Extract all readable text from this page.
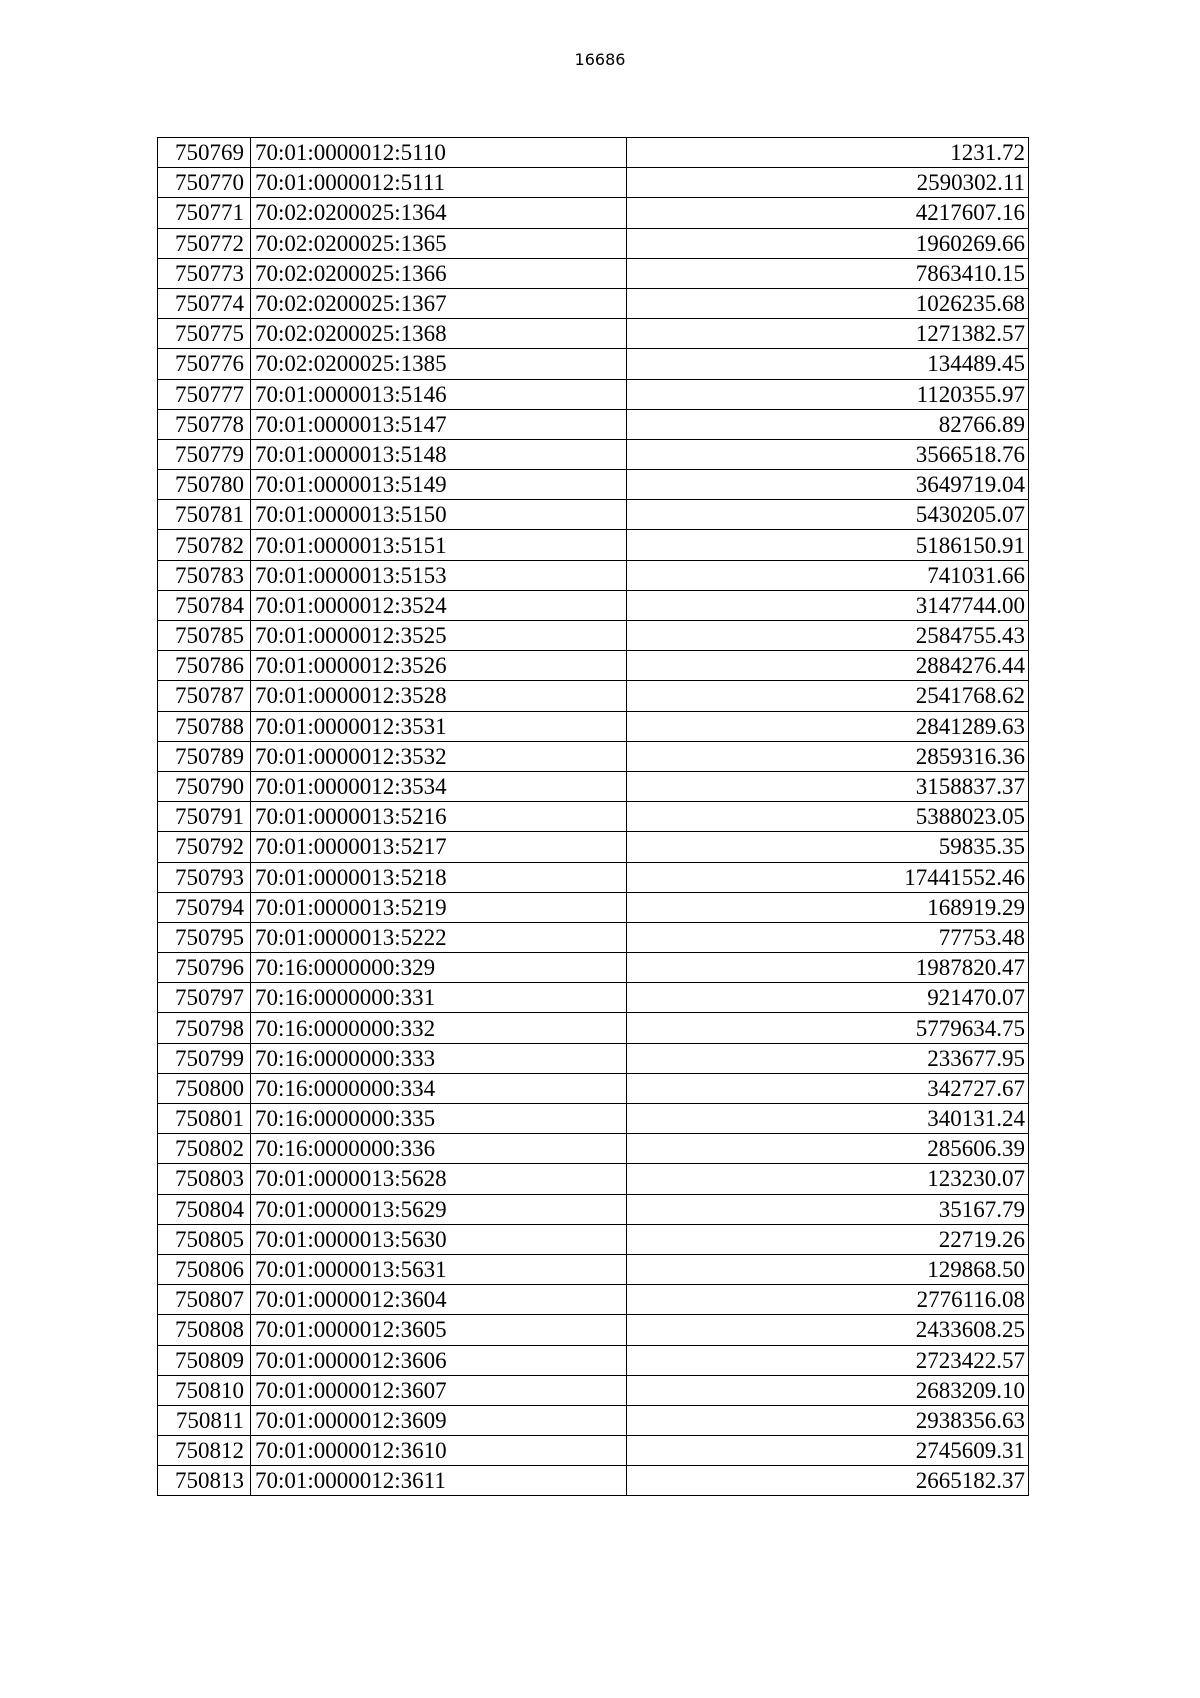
16686
750769	70:01:0000012:5110	1231.72
750770	70:01:0000012:5111	2590302.11
750771	70:02:0200025:1364	4217607.16
750772	70:02:0200025:1365	1960269.66
750773	70:02:0200025:1366	7863410.15
750774	70:02:0200025:1367	1026235.68
750775	70:02:0200025:1368	1271382.57
750776	70:02:0200025:1385	134489.45
750777	70:01:0000013:5146	1120355.97
750778	70:01:0000013:5147	82766.89
750779	70:01:0000013:5148	3566518.76
750780	70:01:0000013:5149	3649719.04
750781	70:01:0000013:5150	5430205.07
750782	70:01:0000013:5151	5186150.91
750783	70:01:0000013:5153	741031.66
750784	70:01:0000012:3524	3147744.00
750785	70:01:0000012:3525	2584755.43
750786	70:01:0000012:3526	2884276.44
750787	70:01:0000012:3528	2541768.62
750788	70:01:0000012:3531	2841289.63
750789	70:01:0000012:3532	2859316.36
750790	70:01:0000012:3534	3158837.37
750791	70:01:0000013:5216	5388023.05
750792	70:01:0000013:5217	59835.35
750793	70:01:0000013:5218	17441552.46
750794	70:01:0000013:5219	168919.29
750795	70:01:0000013:5222	77753.48
750796	70:16:0000000:329	1987820.47
750797	70:16:0000000:331	921470.07
750798	70:16:0000000:332	5779634.75
750799	70:16:0000000:333	233677.95
750800	70:16:0000000:334	342727.67
750801	70:16:0000000:335	340131.24
750802	70:16:0000000:336	285606.39
750803	70:01:0000013:5628	123230.07
750804	70:01:0000013:5629	35167.79
750805	70:01:0000013:5630	22719.26
750806	70:01:0000013:5631	129868.50
750807	70:01:0000012:3604	2776116.08
750808	70:01:0000012:3605	2433608.25
750809	70:01:0000012:3606	2723422.57
750810	70:01:0000012:3607	2683209.10
750811	70:01:0000012:3609	2938356.63
750812	70:01:0000012:3610	2745609.31
750813	70:01:0000012:3611	2665182.37
